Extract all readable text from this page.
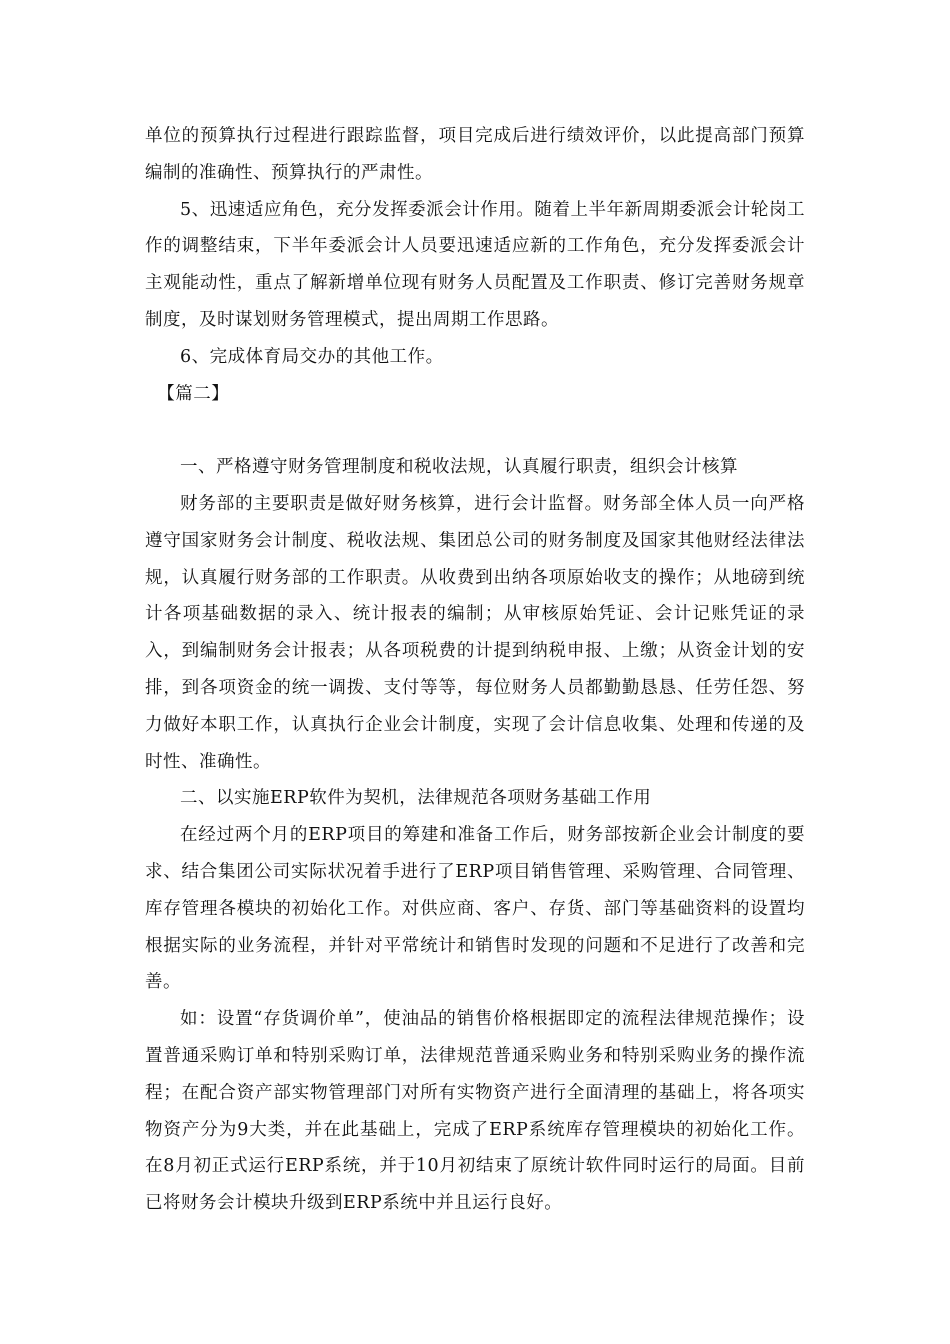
单位的预算执行过程进行跟踪监督，项目完成后进行绩效评价，以此提高部门预算编制的准确性、预算执行的严肃性。

5、迅速适应角色，充分发挥委派会计作用。随着上半年新周期委派会计轮岗工作的调整结束，下半年委派会计人员要迅速适应新的工作角色，充分发挥委派会计主观能动性，重点了解新增单位现有财务人员配置及工作职责、修订完善财务规章制度，及时谋划财务管理模式，提出周期工作思路。

6、完成体育局交办的其他工作。

【篇二】

一、严格遵守财务管理制度和税收法规，认真履行职责，组织会计核算

财务部的主要职责是做好财务核算，进行会计监督。财务部全体人员一向严格遵守国家财务会计制度、税收法规、集团总公司的财务制度及国家其他财经法律法规，认真履行财务部的工作职责。从收费到出纳各项原始收支的操作；从地磅到统计各项基础数据的录入、统计报表的编制；从审核原始凭证、会计记账凭证的录入，到编制财务会计报表；从各项税费的计提到纳税申报、上缴；从资金计划的安排，到各项资金的统一调拨、支付等等，每位财务人员都勤勤恳恳、任劳任怨、努力做好本职工作，认真执行企业会计制度，实现了会计信息收集、处理和传递的及时性、准确性。

二、以实施ERP软件为契机，法律规范各项财务基础工作用

在经过两个月的ERP项目的筹建和准备工作后，财务部按新企业会计制度的要求、结合集团公司实际状况着手进行了ERP项目销售管理、采购管理、合同管理、库存管理各模块的初始化工作。对供应商、客户、存货、部门等基础资料的设置均根据实际的业务流程，并针对平常统计和销售时发现的问题和不足进行了改善和完善。

如：设置“存货调价单”，使油品的销售价格根据即定的流程法律规范操作；设置普通采购订单和特别采购订单，法律规范普通采购业务和特别采购业务的操作流程；在配合资产部实物管理部门对所有实物资产进行全面清理的基础上，将各项实物资产分为9大类，并在此基础上，完成了ERP系统库存管理模块的初始化工作。在8月初正式运行ERP系统，并于10月初结束了原统计软件同时运行的局面。目前已将财务会计模块升级到ERP系统中并且运行良好。
